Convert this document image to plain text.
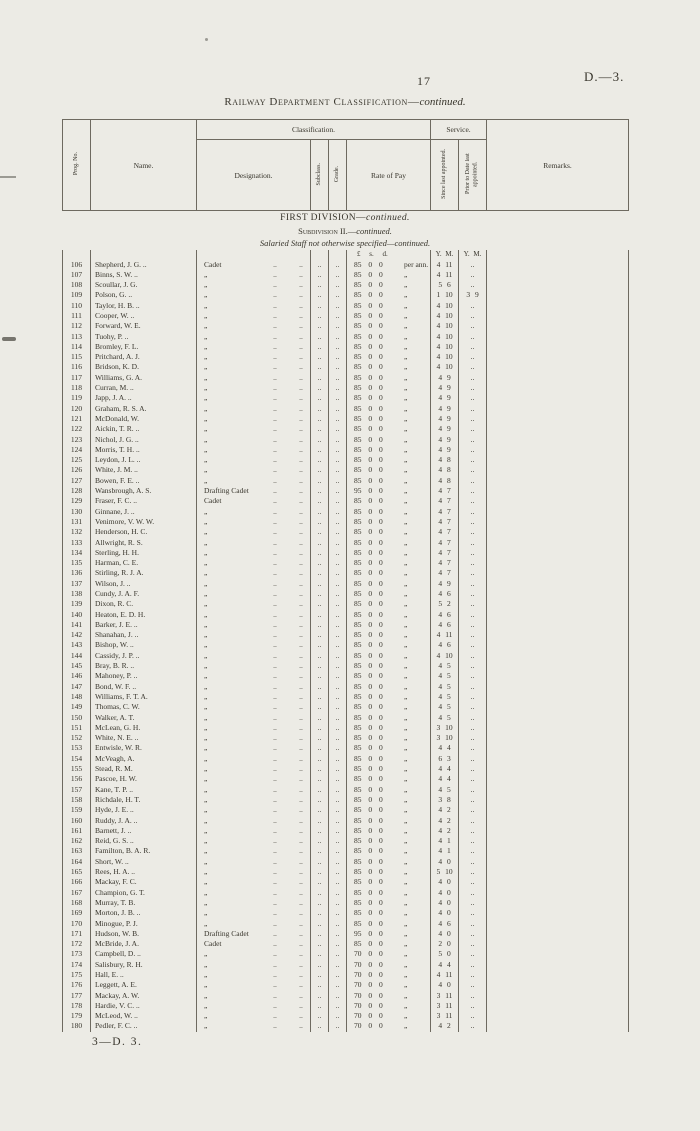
17	D.—3.
Railway Department Classification—continued.
Prog. No.	Name.	Classification.				Service.		Remarks.
		Designation.	Subclass.	Grade.	Rate of Pay	Since last appointed.	Prior to Date last appointed.	
FIRST DIVISION—continued.
Subdivision II.—continued.
Salaried Staff not otherwise specified—continued.
					£ s. d.	Y. M.	Y. M.	
106	Shepherd, J. G. ..	Cadet .. ..	..	..	85 0 0 per ann.	4 11	..	
107	Binns, S. W. ..	„ .. ..	..	..	85 0 0 „	4 11	..	
108	Scoullar, J. G.	„ .. ..	..	..	85 0 0 „	5 6	..	
109	Polson, G. ..	„ .. ..	..	..	85 0 0 „	1 10	3 9	
110	Taylor, H. B. ..	„ .. ..	..	..	85 0 0 „	4 10	..	
111	Cooper, W. ..	„ .. ..	..	..	85 0 0 „	4 10	..	
112	Forward, W. E.	„ .. ..	..	..	85 0 0 „	4 10	..	
113	Tuohy, P. ..	„ .. ..	..	..	85 0 0 „	4 10	..	
114	Bromley, F. L.	„ .. ..	..	..	85 0 0 „	4 10	..	
115	Pritchard, A. J.	„ .. ..	..	..	85 0 0 „	4 10	..	
116	Bridson, K. D.	„ .. ..	..	..	85 0 0 „	4 10	..	
117	Williams, G. A.	„ .. ..	..	..	85 0 0 „	4 9	..	
118	Curran, M. ..	„ .. ..	..	..	85 0 0 „	4 9	..	
119	Japp, J. A. ..	„ .. ..	..	..	85 0 0 „	4 9	..	
120	Graham, R. S. A.	„ .. ..	..	..	85 0 0 „	4 9	..	
121	McDonald, W.	„ .. ..	..	..	85 0 0 „	4 9	..	
122	Aickin, T. R. ..	„ .. ..	..	..	85 0 0 „	4 9	..	
123	Nichol, J. G. ..	„ .. ..	..	..	85 0 0 „	4 9	..	
124	Morris, T. H. ..	„ .. ..	..	..	85 0 0 „	4 9	..	
125	Leydon, J. L. ..	„ .. ..	..	..	85 0 0 „	4 8	..	
126	White, J. M. ..	„ .. ..	..	..	85 0 0 „	4 8	..	
127	Bowen, F. E. ..	„ .. ..	..	..	85 0 0 „	4 8	..	
128	Wansbrough, A. S.	Drafting Cadet .. ..	..	..	95 0 0 „	4 7	..	
129	Fraser, F. C. ..	Cadet .. ..	..	..	85 0 0 „	4 7	..	
130	Ginnane, J. ..	„ .. ..	..	..	85 0 0 „	4 7	..	
131	Venimore, V. W. W.	„ .. ..	..	..	85 0 0 „	4 7	..	
132	Henderson, H. C.	„ .. ..	..	..	85 0 0 „	4 7	..	
133	Allwright, R. S.	„ .. ..	..	..	85 0 0 „	4 7	..	
134	Sterling, H. H.	„ .. ..	..	..	85 0 0 „	4 7	..	
135	Harman, C. E.	„ .. ..	..	..	85 0 0 „	4 7	..	
136	Stirling, R. J. A.	„ .. ..	..	..	85 0 0 „	4 7	..	
137	Wilson, J. ..	„ .. ..	..	..	85 0 0 „	4 9	..	
138	Cundy, J. A. F.	„ .. ..	..	..	85 0 0 „	4 6	..	
139	Dixon, R. C.	„ .. ..	..	..	85 0 0 „	5 2	..	
140	Heaton, E. D. H.	„ .. ..	..	..	85 0 0 „	4 6	..	
141	Barker, J. E. ..	„ .. ..	..	..	85 0 0 „	4 6	..	
142	Shanahan, J. ..	„ .. ..	..	..	85 0 0 „	4 11	..	
143	Bishop, W. ..	„ .. ..	..	..	85 0 0 „	4 6	..	
144	Cassidy, J. P. ..	„ .. ..	..	..	85 0 0 „	4 10	..	
145	Bray, B. R. ..	„ .. ..	..	..	85 0 0 „	4 5	..	
146	Mahoney, P. ..	„ .. ..	..	..	85 0 0 „	4 5	..	
147	Bond, W. F. ..	„ .. ..	..	..	85 0 0 „	4 5	..	
148	Williams, F. T. A.	„ .. ..	..	..	85 0 0 „	4 5	..	
149	Thomas, C. W.	„ .. ..	..	..	85 0 0 „	4 5	..	
150	Walker, A. T.	„ .. ..	..	..	85 0 0 „	4 5	..	
151	McLean, G. H.	„ .. ..	..	..	85 0 0 „	3 10	..	
152	White, N. E. ..	„ .. ..	..	..	85 0 0 „	3 10	..	
153	Entwisle, W. R.	„ .. ..	..	..	85 0 0 „	4 4	..	
154	McVeagh, A.	„ .. ..	..	..	85 0 0 „	6 3	..	
155	Stead, R. M.	„ .. ..	..	..	85 0 0 „	4 4	..	
156	Pascoe, H. W.	„ .. ..	..	..	85 0 0 „	4 4	..	
157	Kane, T. P. ..	„ .. ..	..	..	85 0 0 „	4 5	..	
158	Richdale, H. T.	„ .. ..	..	..	85 0 0 „	3 8	..	
159	Hyde, J. E. ..	„ .. ..	..	..	85 0 0 „	4 2	..	
160	Ruddy, J. A. ..	„ .. ..	..	..	85 0 0 „	4 2	..	
161	Barnett, J. ..	„ .. ..	..	..	85 0 0 „	4 2	..	
162	Reid, G. S. ..	„ .. ..	..	..	85 0 0 „	4 1	..	
163	Familton, B. A. R.	„ .. ..	..	..	85 0 0 „	4 1	..	
164	Short, W. ..	„ .. ..	..	..	85 0 0 „	4 0	..	
165	Rees, H. A. ..	„ .. ..	..	..	85 0 0 „	5 10	..	
166	Mackay, F. C.	„ .. ..	..	..	85 0 0 „	4 0	..	
167	Champion, G. T.	„ .. ..	..	..	85 0 0 „	4 0	..	
168	Murray, T. B.	„ .. ..	..	..	85 0 0 „	4 0	..	
169	Morton, J. B. ..	„ .. ..	..	..	85 0 0 „	4 0	..	
170	Minogue, P. J.	„ .. ..	..	..	85 0 0 „	4 6	..	
171	Hudson, W. B.	Drafting Cadet .. ..	..	..	95 0 0 „	4 0	..	
172	McBride, J. A.	Cadet .. ..	..	..	85 0 0 „	2 0	..	
173	Campbell, D. ..	„ .. ..	..	..	70 0 0 „	5 0	..	
174	Salisbury, R. H.	„ .. ..	..	..	70 0 0 „	4 4	..	
175	Hall, E. ..	„ .. ..	..	..	70 0 0 „	4 11	..	
176	Leggett, A. E.	„ .. ..	..	..	70 0 0 „	4 0	..	
177	Mackay, A. W.	„ .. ..	..	..	70 0 0 „	3 11	..	
178	Hardie, V. C. ..	„ .. ..	..	..	70 0 0 „	3 11	..	
179	McLeod, W. ..	„ .. ..	..	..	70 0 0 „	3 11	..	
180	Pedler, F. C. ..	„ .. ..	..	..	70 0 0 „	4 2	..	
3—D. 3.
